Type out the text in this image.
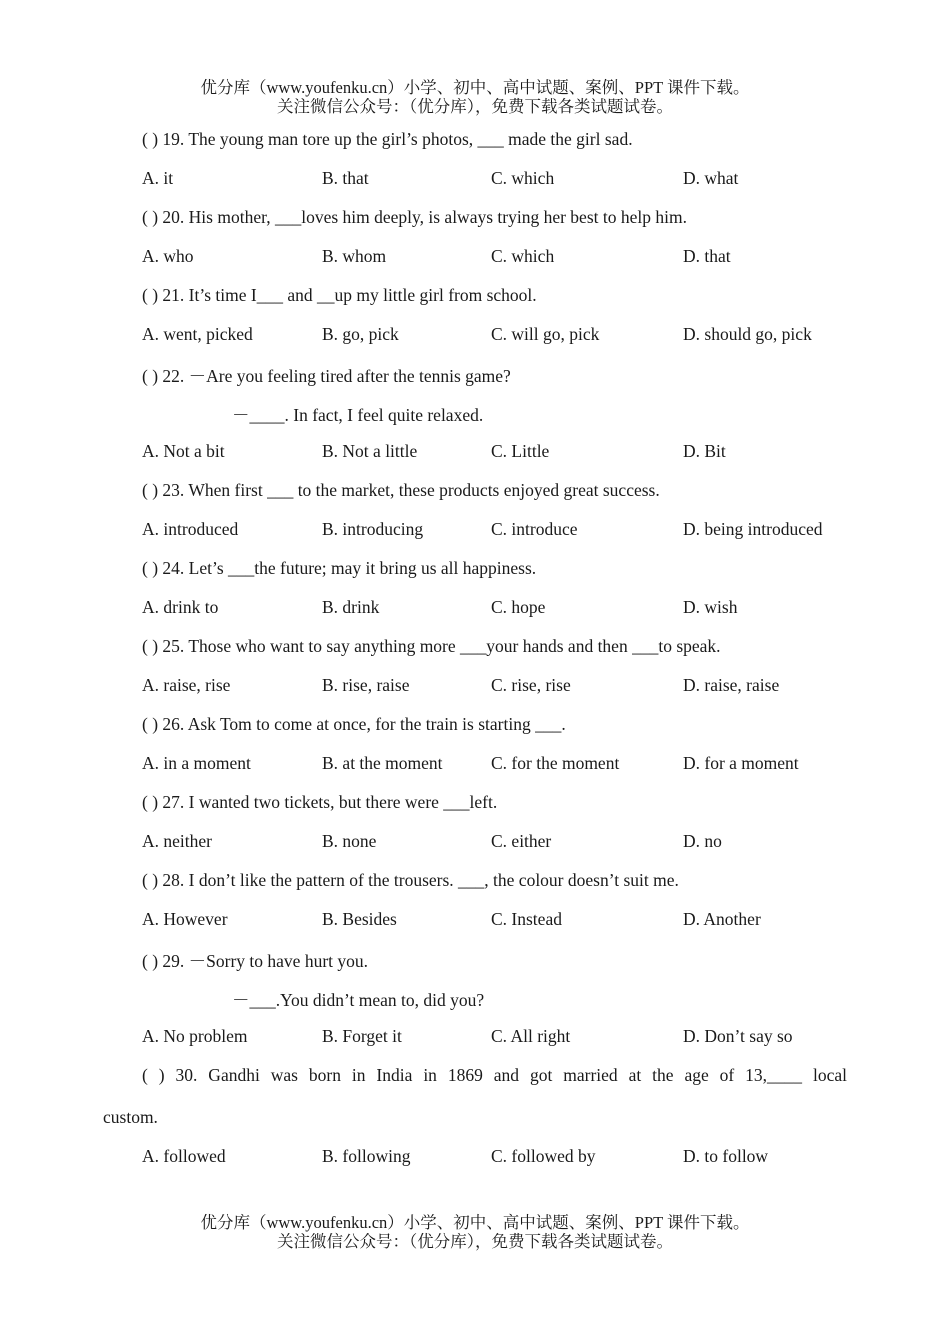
优分库（www.youfenku.cn）小学、初中、高中试题、案例、PPT 课件下载。
关注微信公众号：（优分库），免费下载各类试题试卷。
( ) 19. The young man tore up the girl’s photos, ___ made the girl sad.
A. it	B. that	C. which	D. what
( ) 20. His mother, ___loves him deeply, is always trying her best to help him.
A. who	B. whom	C. which	D. that
( ) 21. It’s time I___ and __up my little girl from school.
A. went, picked	B. go, pick	C. will go, pick	D. should go, pick
( ) 22. －Are you feeling tired after the tennis game?
－____. In fact, I feel quite relaxed.
A. Not a bit	B. Not a little	C. Little	D. Bit
( ) 23. When first ___ to the market, these products enjoyed great success.
A. introduced	B. introducing	C. introduce	D. being introduced
( ) 24. Let’s ___the future; may it bring us all happiness.
A. drink to	B. drink	C. hope	D. wish
( ) 25. Those who want to say anything more ___your hands and then ___to speak.
A. raise, rise	B. rise, raise	C. rise, rise	D. raise, raise
( ) 26. Ask Tom to come at once, for the train is starting ___.
A. in a moment	B. at the moment	C. for the moment	D. for a moment
( ) 27. I wanted two tickets, but there were ___left.
A. neither	B. none	C. either	D. no
( ) 28. I don’t like the pattern of the trousers. ___, the colour doesn’t suit me.
A. However	B. Besides	C. Instead	D. Another
( ) 29. －Sorry to have hurt you.
－___.You didn’t mean to, did you?
A. No problem	B. Forget it	C. All right	D. Don’t say so
( ) 30. Gandhi was born in India in 1869 and got married at the age of 13,____ local
custom.
A. followed	B. following	C. followed by	D. to follow
优分库（www.youfenku.cn）小学、初中、高中试题、案例、PPT 课件下载。
关注微信公众号：（优分库），免费下载各类试题试卷。
